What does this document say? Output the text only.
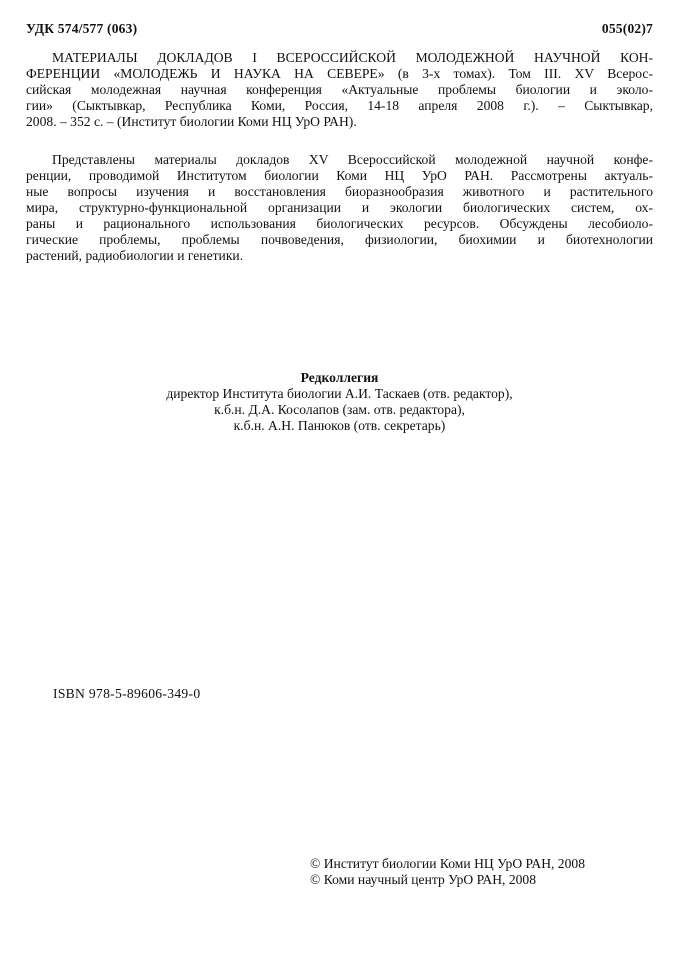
УДК 574/577 (063)	055(02)7
МАТЕРИАЛЫ ДОКЛАДОВ I ВСЕРОССИЙСКОЙ МОЛОДЕЖНОЙ НАУЧНОЙ КОН-
ФЕРЕНЦИИ «МОЛОДЕЖЬ И НАУКА НА СЕВЕРЕ» (в 3-х томах). Том III. XV Всерос-
сийская молодежная научная конференция «Актуальные проблемы биологии и эколо-
гии» (Сыктывкар, Республика Коми, Россия, 14-18 апреля 2008 г.). – Сыктывкар,
2008. – 352 с. – (Институт биологии Коми НЦ УрО РАН).
Представлены материалы докладов XV Всероссийской молодежной научной конфе-
ренции, проводимой Институтом биологии Коми НЦ УрО РАН. Рассмотрены актуаль-
ные вопросы изучения и восстановления биоразнообразия животного и растительного
мира, структурно-функциональной организации и экологии биологических систем, ох-
раны и рационального использования биологических ресурсов. Обсуждены лесобиоло-
гические проблемы, проблемы почвоведения, физиологии, биохимии и биотехнологии
растений, радиобиологии и генетики.
Редколлегия
директор Института биологии А.И. Таскаев (отв. редактор),
к.б.н. Д.А. Косолапов (зам. отв. редактора),
к.б.н. А.Н. Панюков (отв. секретарь)
ISBN 978-5-89606-349-0
© Институт биологии Коми НЦ УрО РАН, 2008
© Коми научный центр УрО РАН, 2008
